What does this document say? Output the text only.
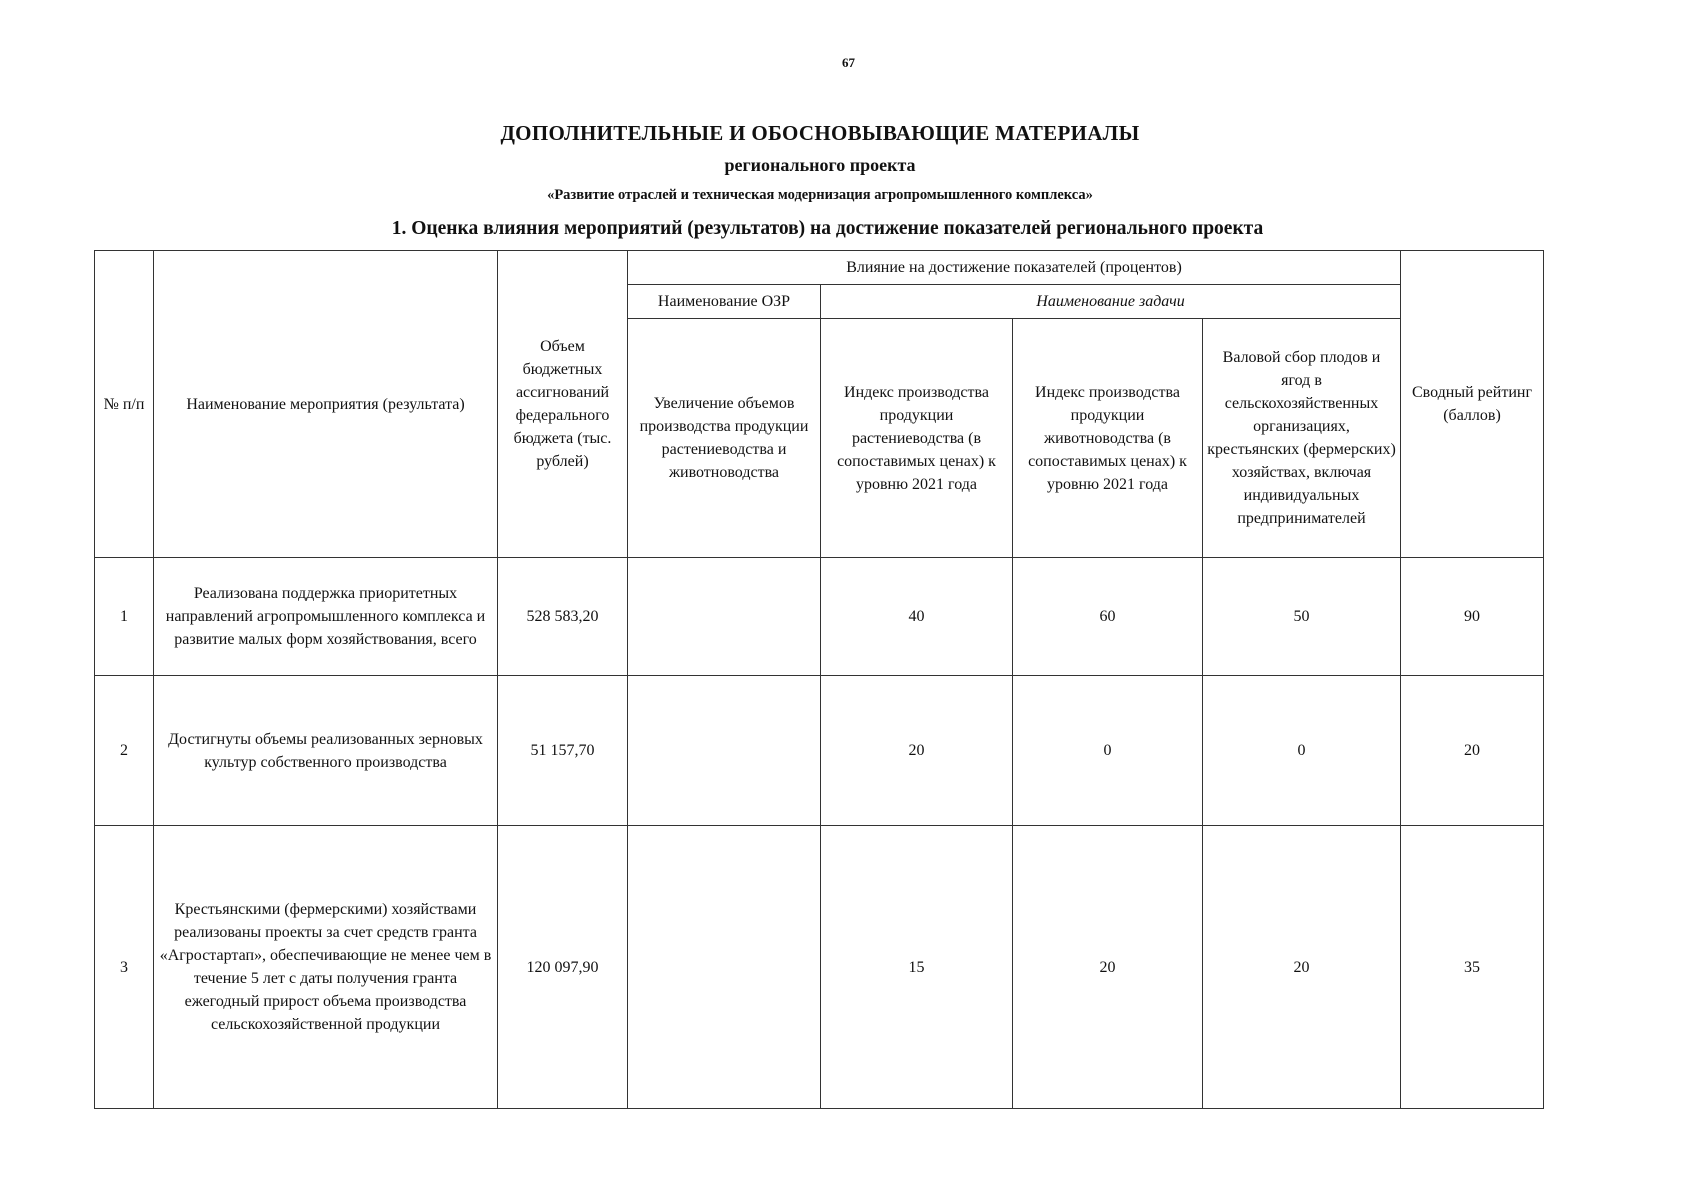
67
ДОПОЛНИТЕЛЬНЫЕ И ОБОСНОВЫВАЮЩИЕ МАТЕРИАЛЫ
регионального проекта
«Развитие отраслей и техническая модернизация агропромышленного комплекса»
1. Оценка влияния мероприятий (результатов) на достижение показателей регионального проекта
№ п/п	Наименование мероприятия (результата)	Объем бюджетных ассигнований федерального бюджета (тыс. рублей)	Влияние на достижение показателей (процентов)				Сводный рейтинг (баллов)
			Наименование ОЗР	Наименование задачи			
			Увеличение объемов производства продукции растениеводства и животноводства	Индекс производства продукции растениеводства (в сопоставимых ценах) к уровню 2021 года	Индекс производства продукции животноводства (в сопоставимых ценах) к уровню 2021 года	Валовой сбор плодов и ягод в сельскохозяйственных организациях, крестьянских (фермерских) хозяйствах, включая индивидуальных предпринимателей	
1	Реализована поддержка приоритетных направлений агропромышленного комплекса и развитие малых форм хозяйствования, всего	528 583,20		40	60	50	90
2	Достигнуты объемы реализованных зерновых культур собственного производства	51 157,70		20	0	0	20
3	Крестьянскими (фермерскими) хозяйствами реализованы проекты за счет средств гранта «Агростартап», обеспечивающие не менее чем в течение 5 лет с даты получения гранта ежегодный прирост объема производства сельскохозяйственной продукции	120 097,90		15	20	20	35
